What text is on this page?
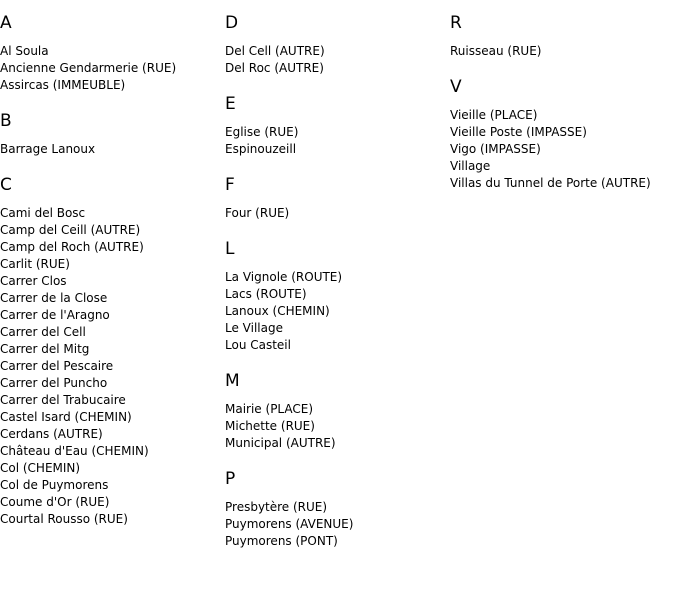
A
Al Soula
Ancienne Gendarmerie (RUE)
Assircas (IMMEUBLE)
B
Barrage Lanoux
C
Cami del Bosc
Camp del Ceill (AUTRE)
Camp del Roch (AUTRE)
Carlit (RUE)
Carrer Clos
Carrer de la Close
Carrer de l'Aragno
Carrer del Cell
Carrer del Mitg
Carrer del Pescaire
Carrer del Puncho
Carrer del Trabucaire
Castel Isard (CHEMIN)
Cerdans (AUTRE)
Château d'Eau (CHEMIN)
Col (CHEMIN)
Col de Puymorens
Coume d'Or (RUE)
Courtal Rousso (RUE)
D
Del Cell (AUTRE)
Del Roc (AUTRE)
E
Eglise (RUE)
Espinouzeill
F
Four (RUE)
L
La Vignole (ROUTE)
Lacs (ROUTE)
Lanoux (CHEMIN)
Le Village
Lou Casteil
M
Mairie (PLACE)
Michette (RUE)
Municipal (AUTRE)
P
Presbytère (RUE)
Puymorens (AVENUE)
Puymorens (PONT)
R
Ruisseau (RUE)
V
Vieille (PLACE)
Vieille Poste (IMPASSE)
Vigo (IMPASSE)
Village
Villas du Tunnel de Porte (AUTRE)
